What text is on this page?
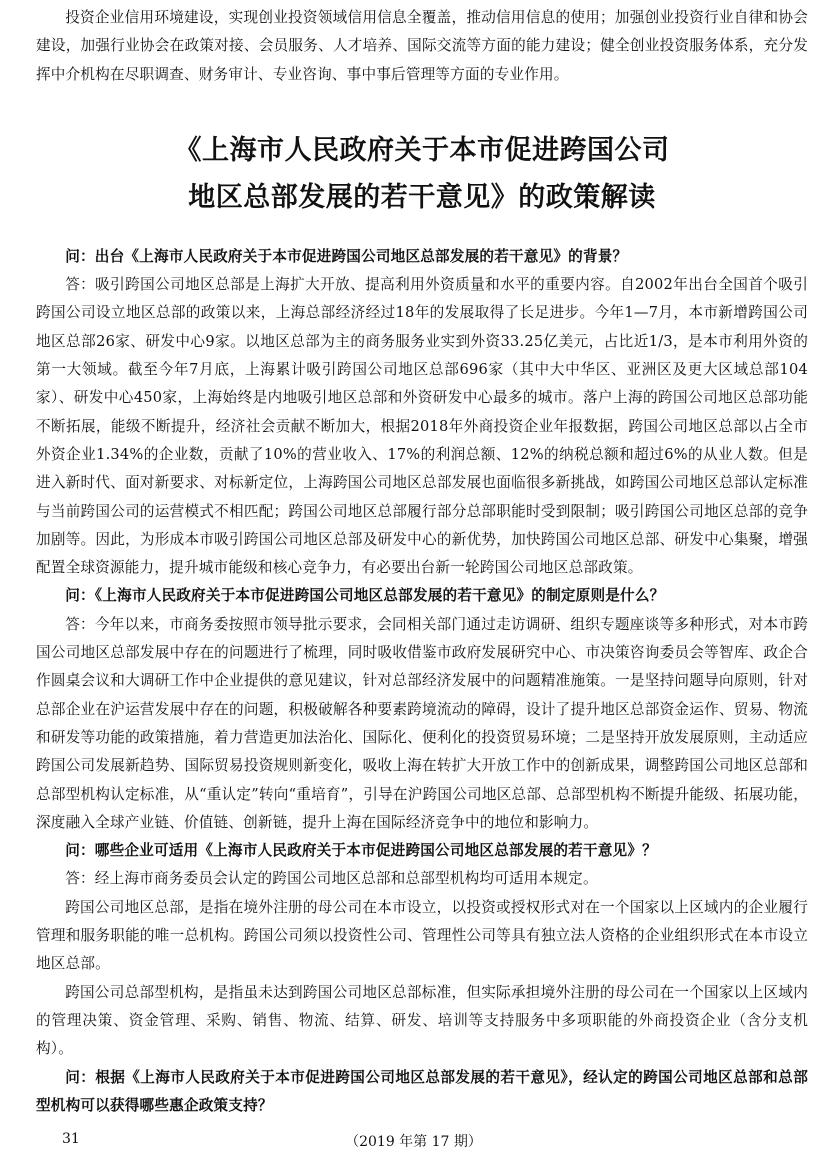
投资企业信用环境建设，实现创业投资领域信用信息全覆盖，推动信用信息的使用；加强创业投资行业自律和协会建设，加强行业协会在政策对接、会员服务、人才培养、国际交流等方面的能力建设；健全创业投资服务体系，充分发挥中介机构在尽职调查、财务审计、专业咨询、事中事后管理等方面的专业作用。

《上海市人民政府关于本市促进跨国公司
地区总部发展的若干意见》的政策解读

问：出台《上海市人民政府关于本市促进跨国公司地区总部发展的若干意见》的背景？

答：吸引跨国公司地区总部是上海扩大开放、提高利用外资质量和水平的重要内容。自2002年出台全国首个吸引跨国公司设立地区总部的政策以来，上海总部经济经过18年的发展取得了长足进步。今年1—7月，本市新增跨国公司地区总部26家、研发中心9家。以地区总部为主的商务服务业实到外资33.25亿美元，占比近1/3，是本市利用外资的第一大领域。截至今年7月底，上海累计吸引跨国公司地区总部696家（其中大中华区、亚洲区及更大区域总部104家）、研发中心450家，上海始终是内地吸引地区总部和外资研发中心最多的城市。落户上海的跨国公司地区总部功能不断拓展，能级不断提升，经济社会贡献不断加大，根据2018年外商投资企业年报数据，跨国公司地区总部以占全市外资企业1.34%的企业数，贡献了10%的营业收入、17%的利润总额、12%的纳税总额和超过6%的从业人数。但是进入新时代、面对新要求、对标新定位，上海跨国公司地区总部发展也面临很多新挑战，如跨国公司地区总部认定标准与当前跨国公司的运营模式不相匹配；跨国公司地区总部履行部分总部职能时受到限制；吸引跨国公司地区总部的竞争加剧等。因此，为形成本市吸引跨国公司地区总部及研发中心的新优势，加快跨国公司地区总部、研发中心集聚，增强配置全球资源能力，提升城市能级和核心竞争力，有必要出台新一轮跨国公司地区总部政策。

问：《上海市人民政府关于本市促进跨国公司地区总部发展的若干意见》的制定原则是什么？

答：今年以来，市商务委按照市领导批示要求，会同相关部门通过走访调研、组织专题座谈等多种形式，对本市跨国公司地区总部发展中存在的问题进行了梳理，同时吸收借鉴市政府发展研究中心、市决策咨询委员会等智库、政企合作圆桌会议和大调研工作中企业提供的意见建议，针对总部经济发展中的问题精准施策。一是坚持问题导向原则，针对总部企业在沪运营发展中存在的问题，积极破解各种要素跨境流动的障碍，设计了提升地区总部资金运作、贸易、物流和研发等功能的政策措施，着力营造更加法治化、国际化、便利化的投资贸易环境；二是坚持开放发展原则，主动适应跨国公司发展新趋势、国际贸易投资规则新变化，吸收上海在转扩大开放工作中的创新成果，调整跨国公司地区总部和总部型机构认定标准，从“重认定”转向“重培育”，引导在沪跨国公司地区总部、总部型机构不断提升能级、拓展功能，深度融入全球产业链、价值链、创新链，提升上海在国际经济竞争中的地位和影响力。

问：哪些企业可适用《上海市人民政府关于本市促进跨国公司地区总部发展的若干意见》？

答：经上海市商务委员会认定的跨国公司地区总部和总部型机构均可适用本规定。

跨国公司地区总部，是指在境外注册的母公司在本市设立，以投资或授权形式对在一个国家以上区域内的企业履行管理和服务职能的唯一总机构。跨国公司须以投资性公司、管理性公司等具有独立法人资格的企业组织形式在本市设立地区总部。

跨国公司总部型机构，是指虽未达到跨国公司地区总部标准，但实际承担境外注册的母公司在一个国家以上区域内的管理决策、资金管理、采购、销售、物流、结算、研发、培训等支持服务中多项职能的外商投资企业（含分支机构）。

问：根据《上海市人民政府关于本市促进跨国公司地区总部发展的若干意见》，经认定的跨国公司地区总部和总部型机构可以获得哪些惠企政策支持？

31	（2019 年第 17 期）
